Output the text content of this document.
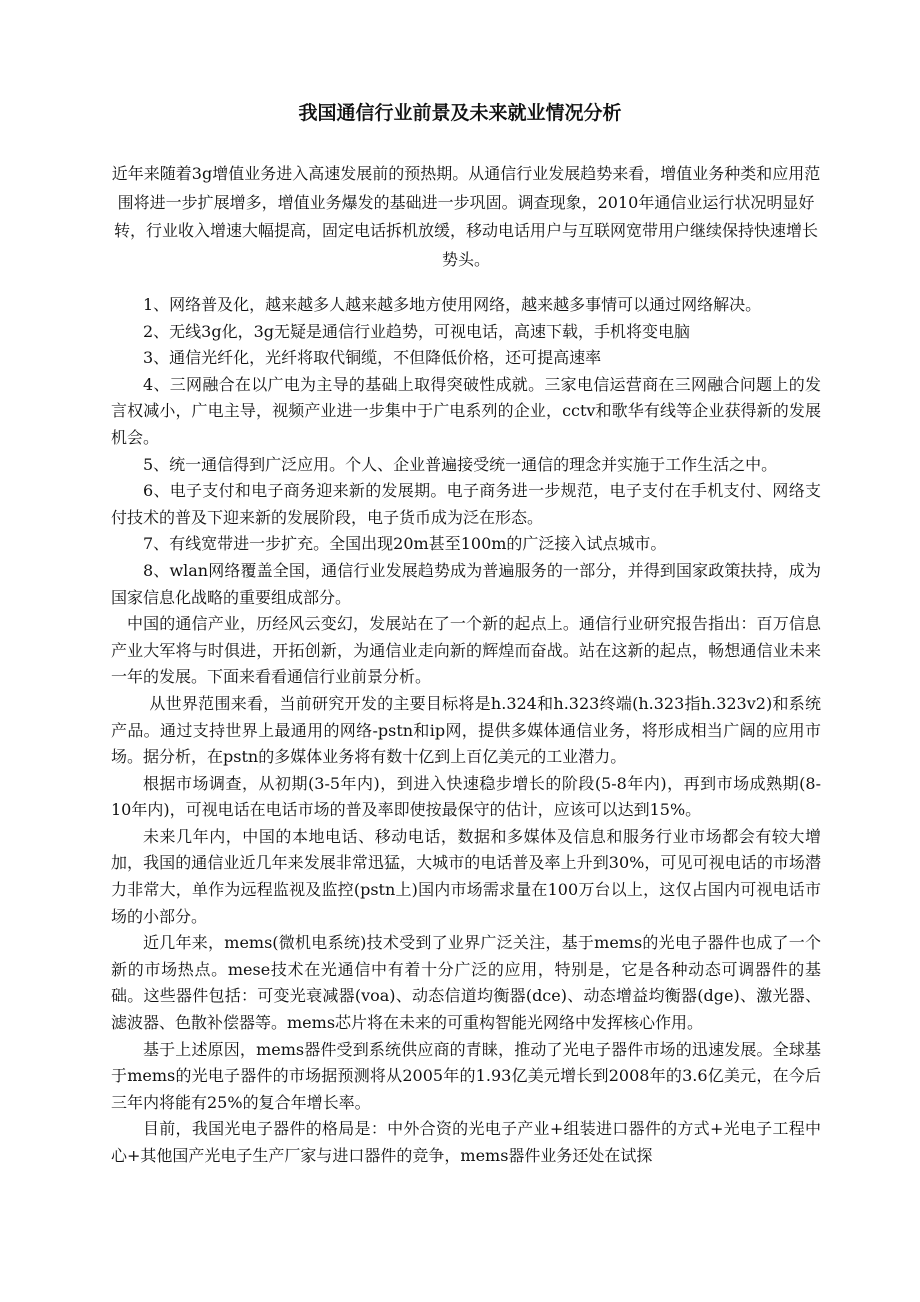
我国通信行业前景及未来就业情况分析

近年来随着3g增值业务进入高速发展前的预热期。从通信行业发展趋势来看，增值业务种类和应用范围将进一步扩展增多，增值业务爆发的基础进一步巩固。调查现象，2010年通信业运行状况明显好转，行业收入增速大幅提高，固定电话拆机放缓，移动电话用户与互联网宽带用户继续保持快速增长势头。

1、网络普及化，越来越多人越来越多地方使用网络，越来越多事情可以通过网络解决。

2、无线3g化，3g无疑是通信行业趋势，可视电话，高速下载，手机将变电脑

3、通信光纤化，光纤将取代铜缆，不但降低价格，还可提高速率

4、三网融合在以广电为主导的基础上取得突破性成就。三家电信运营商在三网融合问题上的发言权减小，广电主导，视频产业进一步集中于广电系列的企业，cctv和歌华有线等企业获得新的发展机会。

5、统一通信得到广泛应用。个人、企业普遍接受统一通信的理念并实施于工作生活之中。

6、电子支付和电子商务迎来新的发展期。电子商务进一步规范，电子支付在手机支付、网络支付技术的普及下迎来新的发展阶段，电子货币成为泛在形态。

7、有线宽带进一步扩充。全国出现20m甚至100m的广泛接入试点城市。

8、wlan网络覆盖全国，通信行业发展趋势成为普遍服务的一部分，并得到国家政策扶持，成为国家信息化战略的重要组成部分。

中国的通信产业，历经风云变幻，发展站在了一个新的起点上。通信行业研究报告指出：百万信息产业大军将与时俱进，开拓创新，为通信业走向新的辉煌而奋战。站在这新的起点，畅想通信业未来一年的发展。下面来看看通信行业前景分析。

从世界范围来看，当前研究开发的主要目标将是h.324和h.323终端(h.323指h.323v2)和系统产品。通过支持世界上最通用的网络-pstn和ip网，提供多媒体通信业务，将形成相当广阔的应用市场。据分析，在pstn的多媒体业务将有数十亿到上百亿美元的工业潜力。

根据市场调查，从初期(3-5年内)，到进入快速稳步增长的阶段(5-8年内)，再到市场成熟期(8-10年内)，可视电话在电话市场的普及率即使按最保守的估计，应该可以达到15%。

未来几年内，中国的本地电话、移动电话，数据和多媒体及信息和服务行业市场都会有较大增加，我国的通信业近几年来发展非常迅猛，大城市的电话普及率上升到30%，可见可视电话的市场潜力非常大，单作为远程监视及监控(pstn上)国内市场需求量在100万台以上，这仅占国内可视电话市场的小部分。

近几年来，mems(微机电系统)技术受到了业界广泛关注，基于mems的光电子器件也成了一个新的市场热点。mese技术在光通信中有着十分广泛的应用，特别是，它是各种动态可调器件的基础。这些器件包括：可变光衰减器(voa)、动态信道均衡器(dce)、动态增益均衡器(dge)、激光器、滤波器、色散补偿器等。mems芯片将在未来的可重构智能光网络中发挥核心作用。

基于上述原因，mems器件受到系统供应商的青睐，推动了光电子器件市场的迅速发展。全球基于mems的光电子器件的市场据预测将从2005年的1.93亿美元增长到2008年的3.6亿美元，在今后三年内将能有25%的复合年增长率。

目前，我国光电子器件的格局是：中外合资的光电子产业+组装进口器件的方式+光电子工程中心+其他国产光电子生产厂家与进口器件的竞争，mems器件业务还处在试探
